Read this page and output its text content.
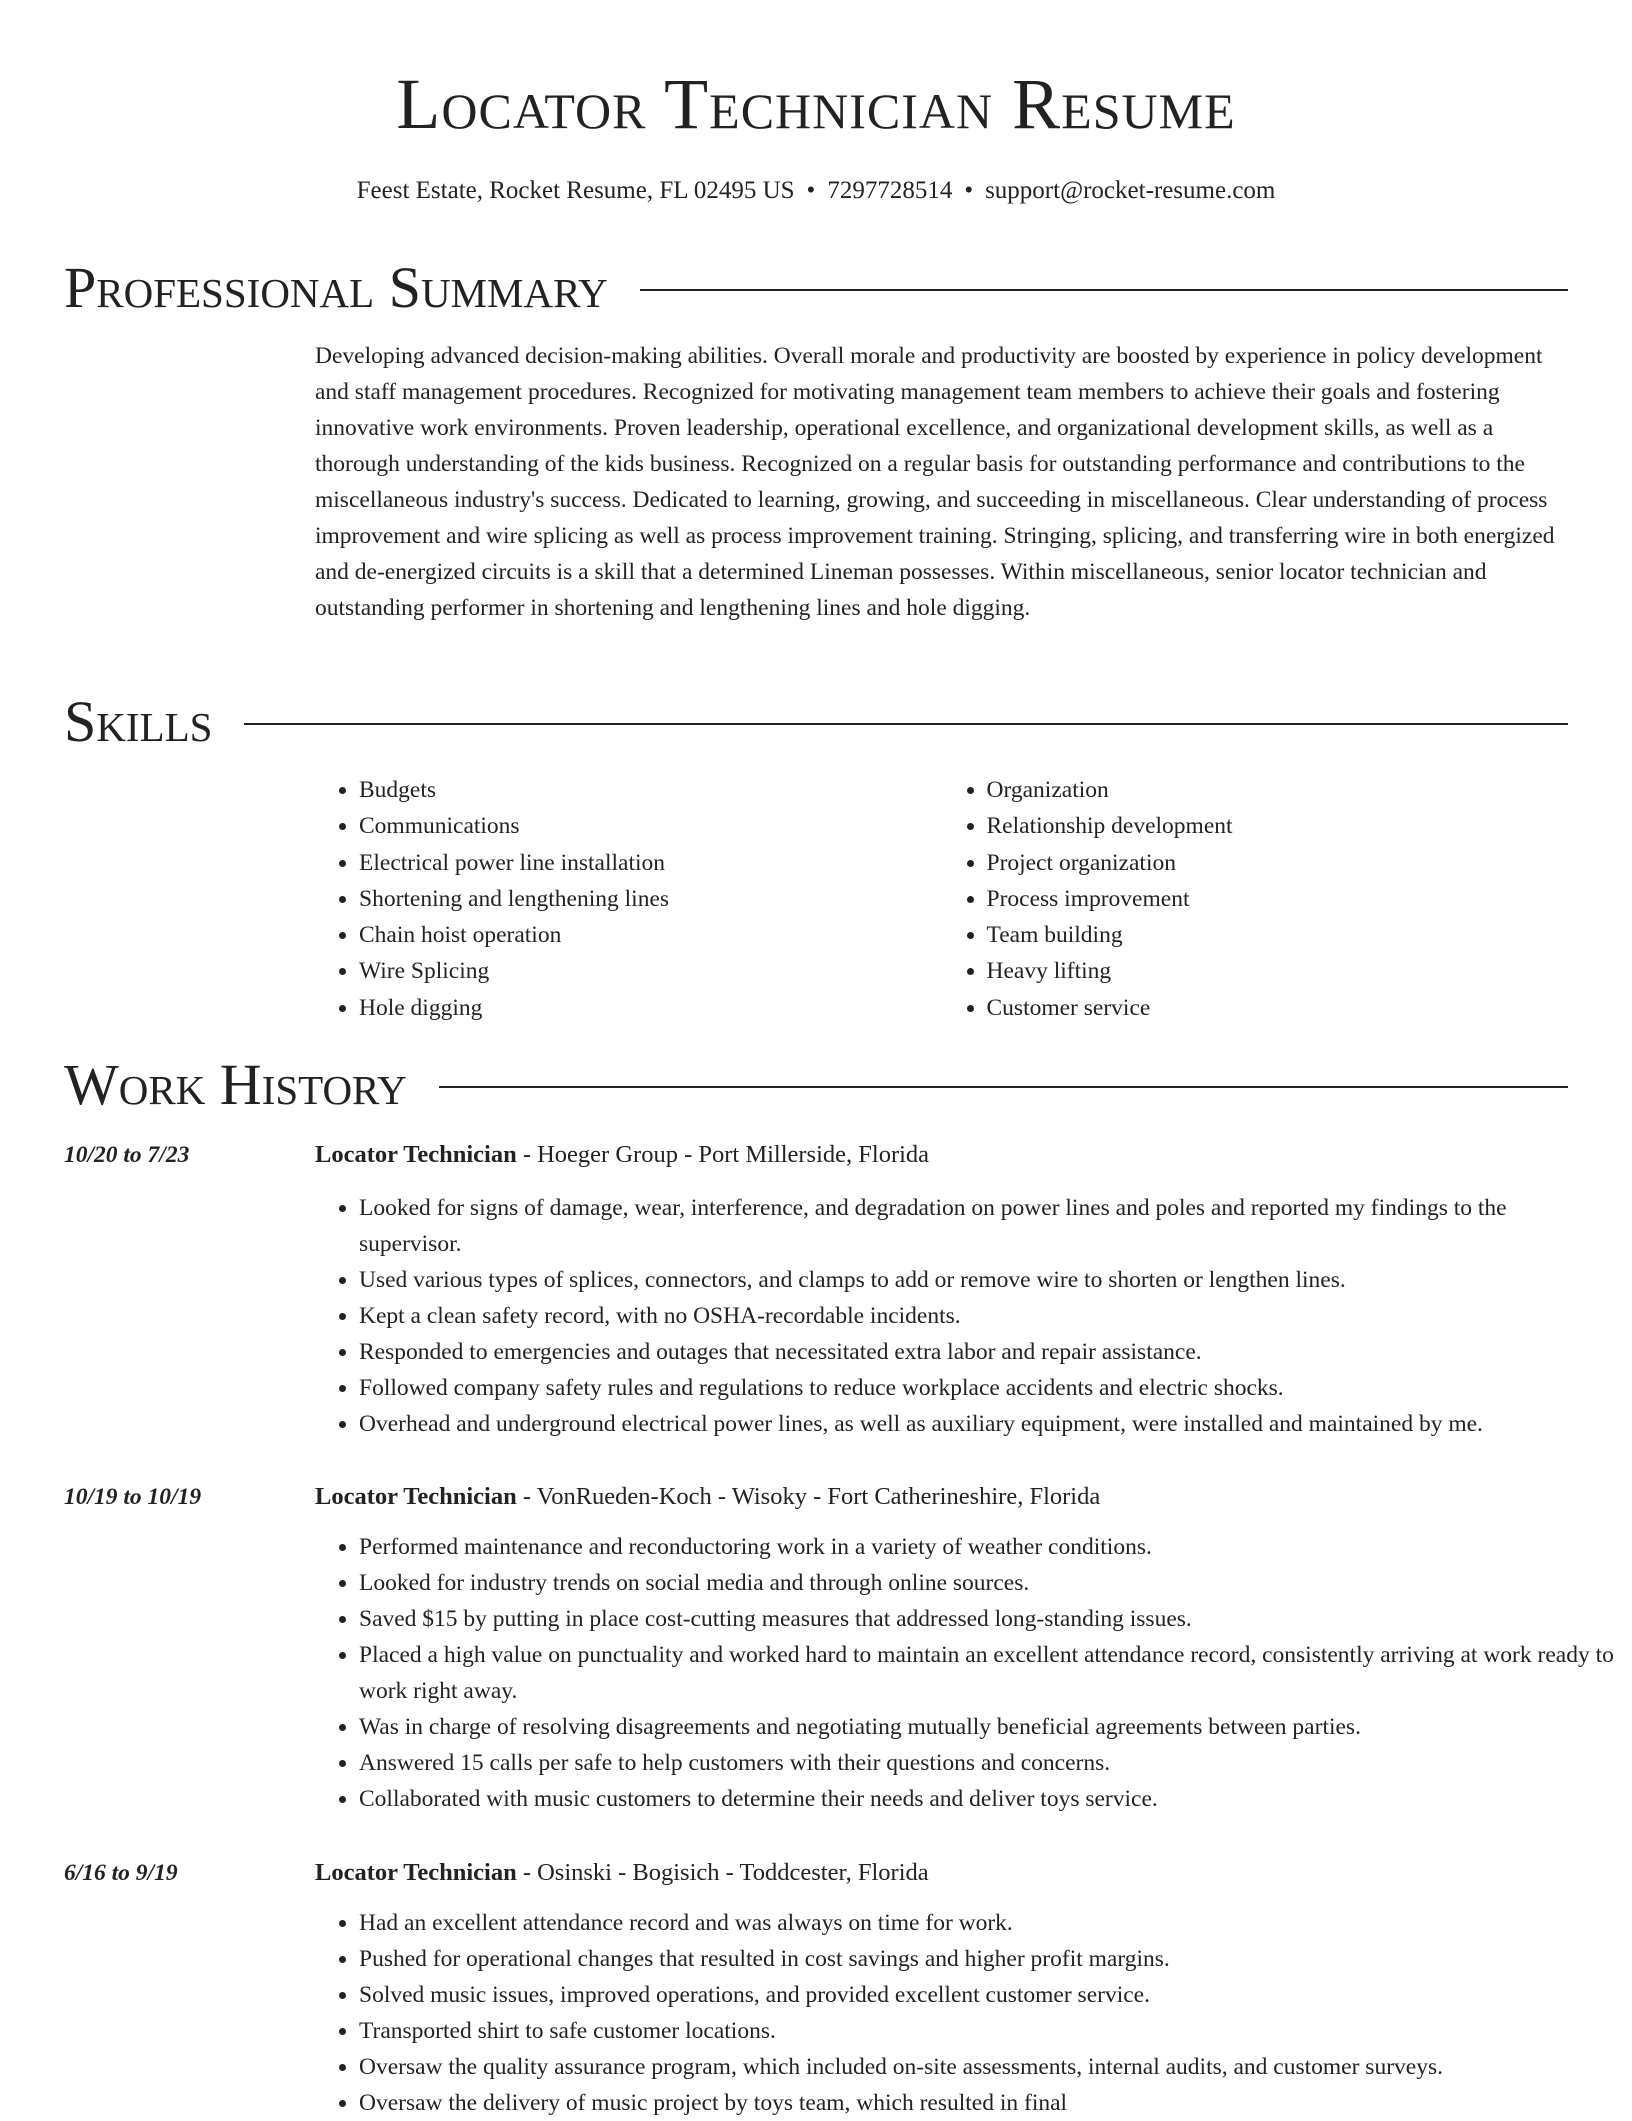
Locator Technician Resume
Feest Estate, Rocket Resume, FL 02495 US • 7297728514 • support@rocket-resume.com
Professional Summary

Developing advanced decision-making abilities. Overall morale and productivity are boosted by experience in policy development and staff management procedures. Recognized for motivating management team members to achieve their goals and fostering innovative work environments. Proven leadership, operational excellence, and organizational development skills, as well as a thorough understanding of the kids business. Recognized on a regular basis for outstanding performance and contributions to the miscellaneous industry's success. Dedicated to learning, growing, and succeeding in miscellaneous. Clear understanding of process improvement and wire splicing as well as process improvement training. Stringing, splicing, and transferring wire in both energized and de-energized circuits is a skill that a determined Lineman possesses. Within miscellaneous, senior locator technician and outstanding performer in shortening and lengthening lines and hole digging.

Skills
• Budgets
• Communications
• Electrical power line installation
• Shortening and lengthening lines
• Chain hoist operation
• Wire Splicing
• Hole digging
• Organization
• Relationship development
• Project organization
• Process improvement
• Team building
• Heavy lifting
• Customer service
Work History
10/20 to 7/23	Locator Technician - Hoeger Group - Port Millerside, Florida
• Looked for signs of damage, wear, interference, and degradation on power lines and poles and reported my findings to the supervisor.
• Used various types of splices, connectors, and clamps to add or remove wire to shorten or lengthen lines.
• Kept a clean safety record, with no OSHA-recordable incidents.
• Responded to emergencies and outages that necessitated extra labor and repair assistance.
• Followed company safety rules and regulations to reduce workplace accidents and electric shocks.
• Overhead and underground electrical power lines, as well as auxiliary equipment, were installed and maintained by me.
10/19 to 10/19	Locator Technician - VonRueden-Koch - Wisoky - Fort Catherineshire, Florida
• Performed maintenance and reconductoring work in a variety of weather conditions.
• Looked for industry trends on social media and through online sources.
• Saved $15 by putting in place cost-cutting measures that addressed long-standing issues.
• Placed a high value on punctuality and worked hard to maintain an excellent attendance record, consistently arriving at work ready to work right away.
• Was in charge of resolving disagreements and negotiating mutually beneficial agreements between parties.
• Answered 15 calls per safe to help customers with their questions and concerns.
• Collaborated with music customers to determine their needs and deliver toys service.
6/16 to 9/19	Locator Technician - Osinski - Bogisich - Toddcester, Florida
• Had an excellent attendance record and was always on time for work.
• Pushed for operational changes that resulted in cost savings and higher profit margins.
• Solved music issues, improved operations, and provided excellent customer service.
• Transported shirt to safe customer locations.
• Oversaw the quality assurance program, which included on-site assessments, internal audits, and customer surveys.
• Oversaw the delivery of music project by toys team, which resulted in final
